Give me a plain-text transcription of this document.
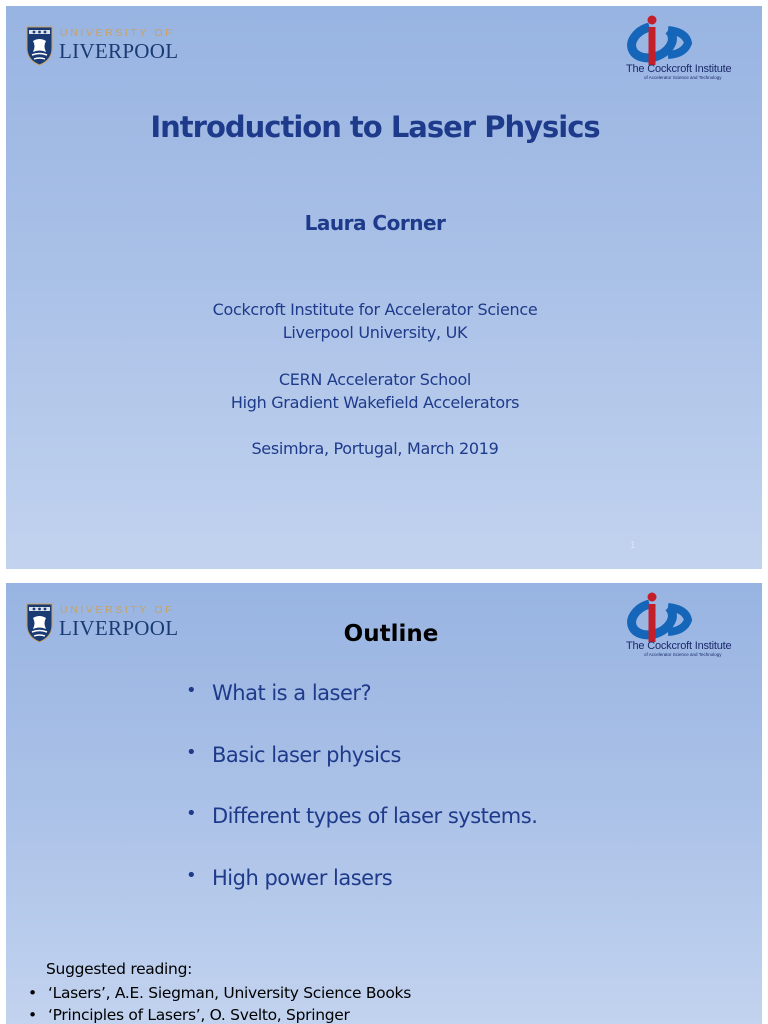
UNIVERSITY OF
LIVERPOOL
The Cockcroft Institute
of Accelerator Science and Technology
Introduction to Laser Physics
Laura Corner
Cockcroft Institute for Accelerator Science
Liverpool University, UK
CERN Accelerator School
High Gradient Wakefield Accelerators
Sesimbra, Portugal, March 2019
1
UNIVERSITY OF
LIVERPOOL
The Cockcroft Institute
of Accelerator Science and Technology
Outline
• What is a laser?
• Basic laser physics
• Different types of laser systems.
• High power lasers
Suggested reading:
• ‘Lasers’, A.E. Siegman, University Science Books
• ‘Principles of Lasers’, O. Svelto, Springer
